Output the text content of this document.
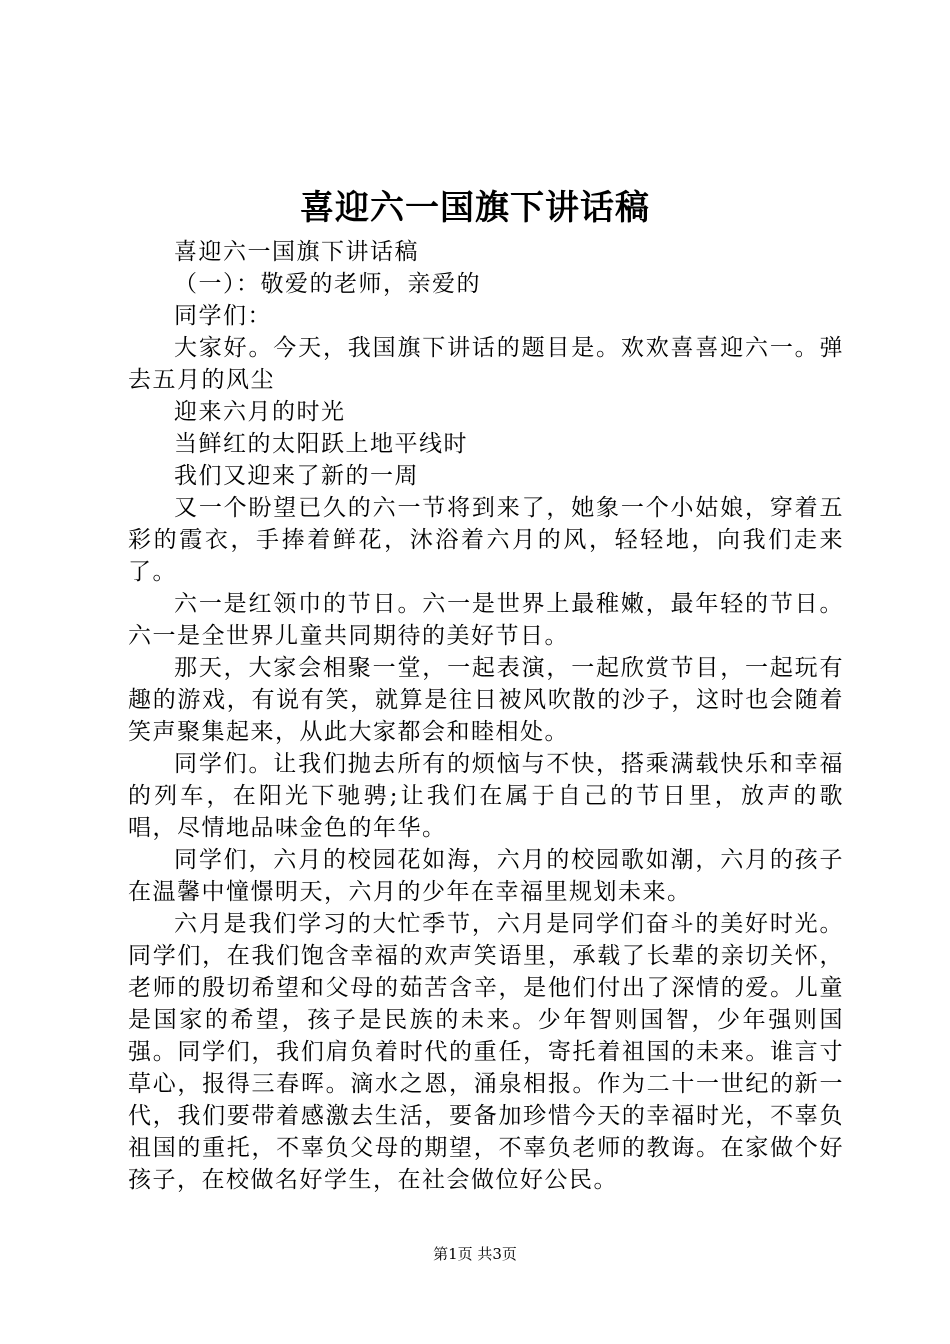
喜迎六一国旗下讲话稿

喜迎六一国旗下讲话稿

（一）：敬爱的老师，亲爱的

同学们：

大家好。今天，我国旗下讲话的题目是。欢欢喜喜迎六一。弹去五月的风尘

迎来六月的时光

当鲜红的太阳跃上地平线时

我们又迎来了新的一周

又一个盼望已久的六一节将到来了，她象一个小姑娘，穿着五彩的霞衣，手捧着鲜花，沐浴着六月的风，轻轻地，向我们走来了。

六一是红领巾的节日。六一是世界上最稚嫩，最年轻的节日。六一是全世界儿童共同期待的美好节日。

那天，大家会相聚一堂，一起表演，一起欣赏节目，一起玩有趣的游戏，有说有笑，就算是往日被风吹散的沙子，这时也会随着笑声聚集起来，从此大家都会和睦相处。

同学们。让我们抛去所有的烦恼与不快，搭乘满载快乐和幸福的列车，在阳光下驰骋;让我们在属于自己的节日里，放声的歌唱，尽情地品味金色的年华。

同学们，六月的校园花如海，六月的校园歌如潮，六月的孩子在温馨中憧憬明天，六月的少年在幸福里规划未来。

六月是我们学习的大忙季节，六月是同学们奋斗的美好时光。同学们，在我们饱含幸福的欢声笑语里，承载了长辈的亲切关怀，老师的殷切希望和父母的茹苦含辛，是他们付出了深情的爱。儿童是国家的希望，孩子是民族的未来。少年智则国智，少年强则国强。同学们，我们肩负着时代的重任，寄托着祖国的未来。谁言寸草心，报得三春晖。滴水之恩，涌泉相报。作为二十一世纪的新一代，我们要带着感激去生活，要备加珍惜今天的幸福时光，不辜负祖国的重托，不辜负父母的期望，不辜负老师的教诲。在家做个好孩子，在校做名好学生，在社会做位好公民。

第1页 共3页
